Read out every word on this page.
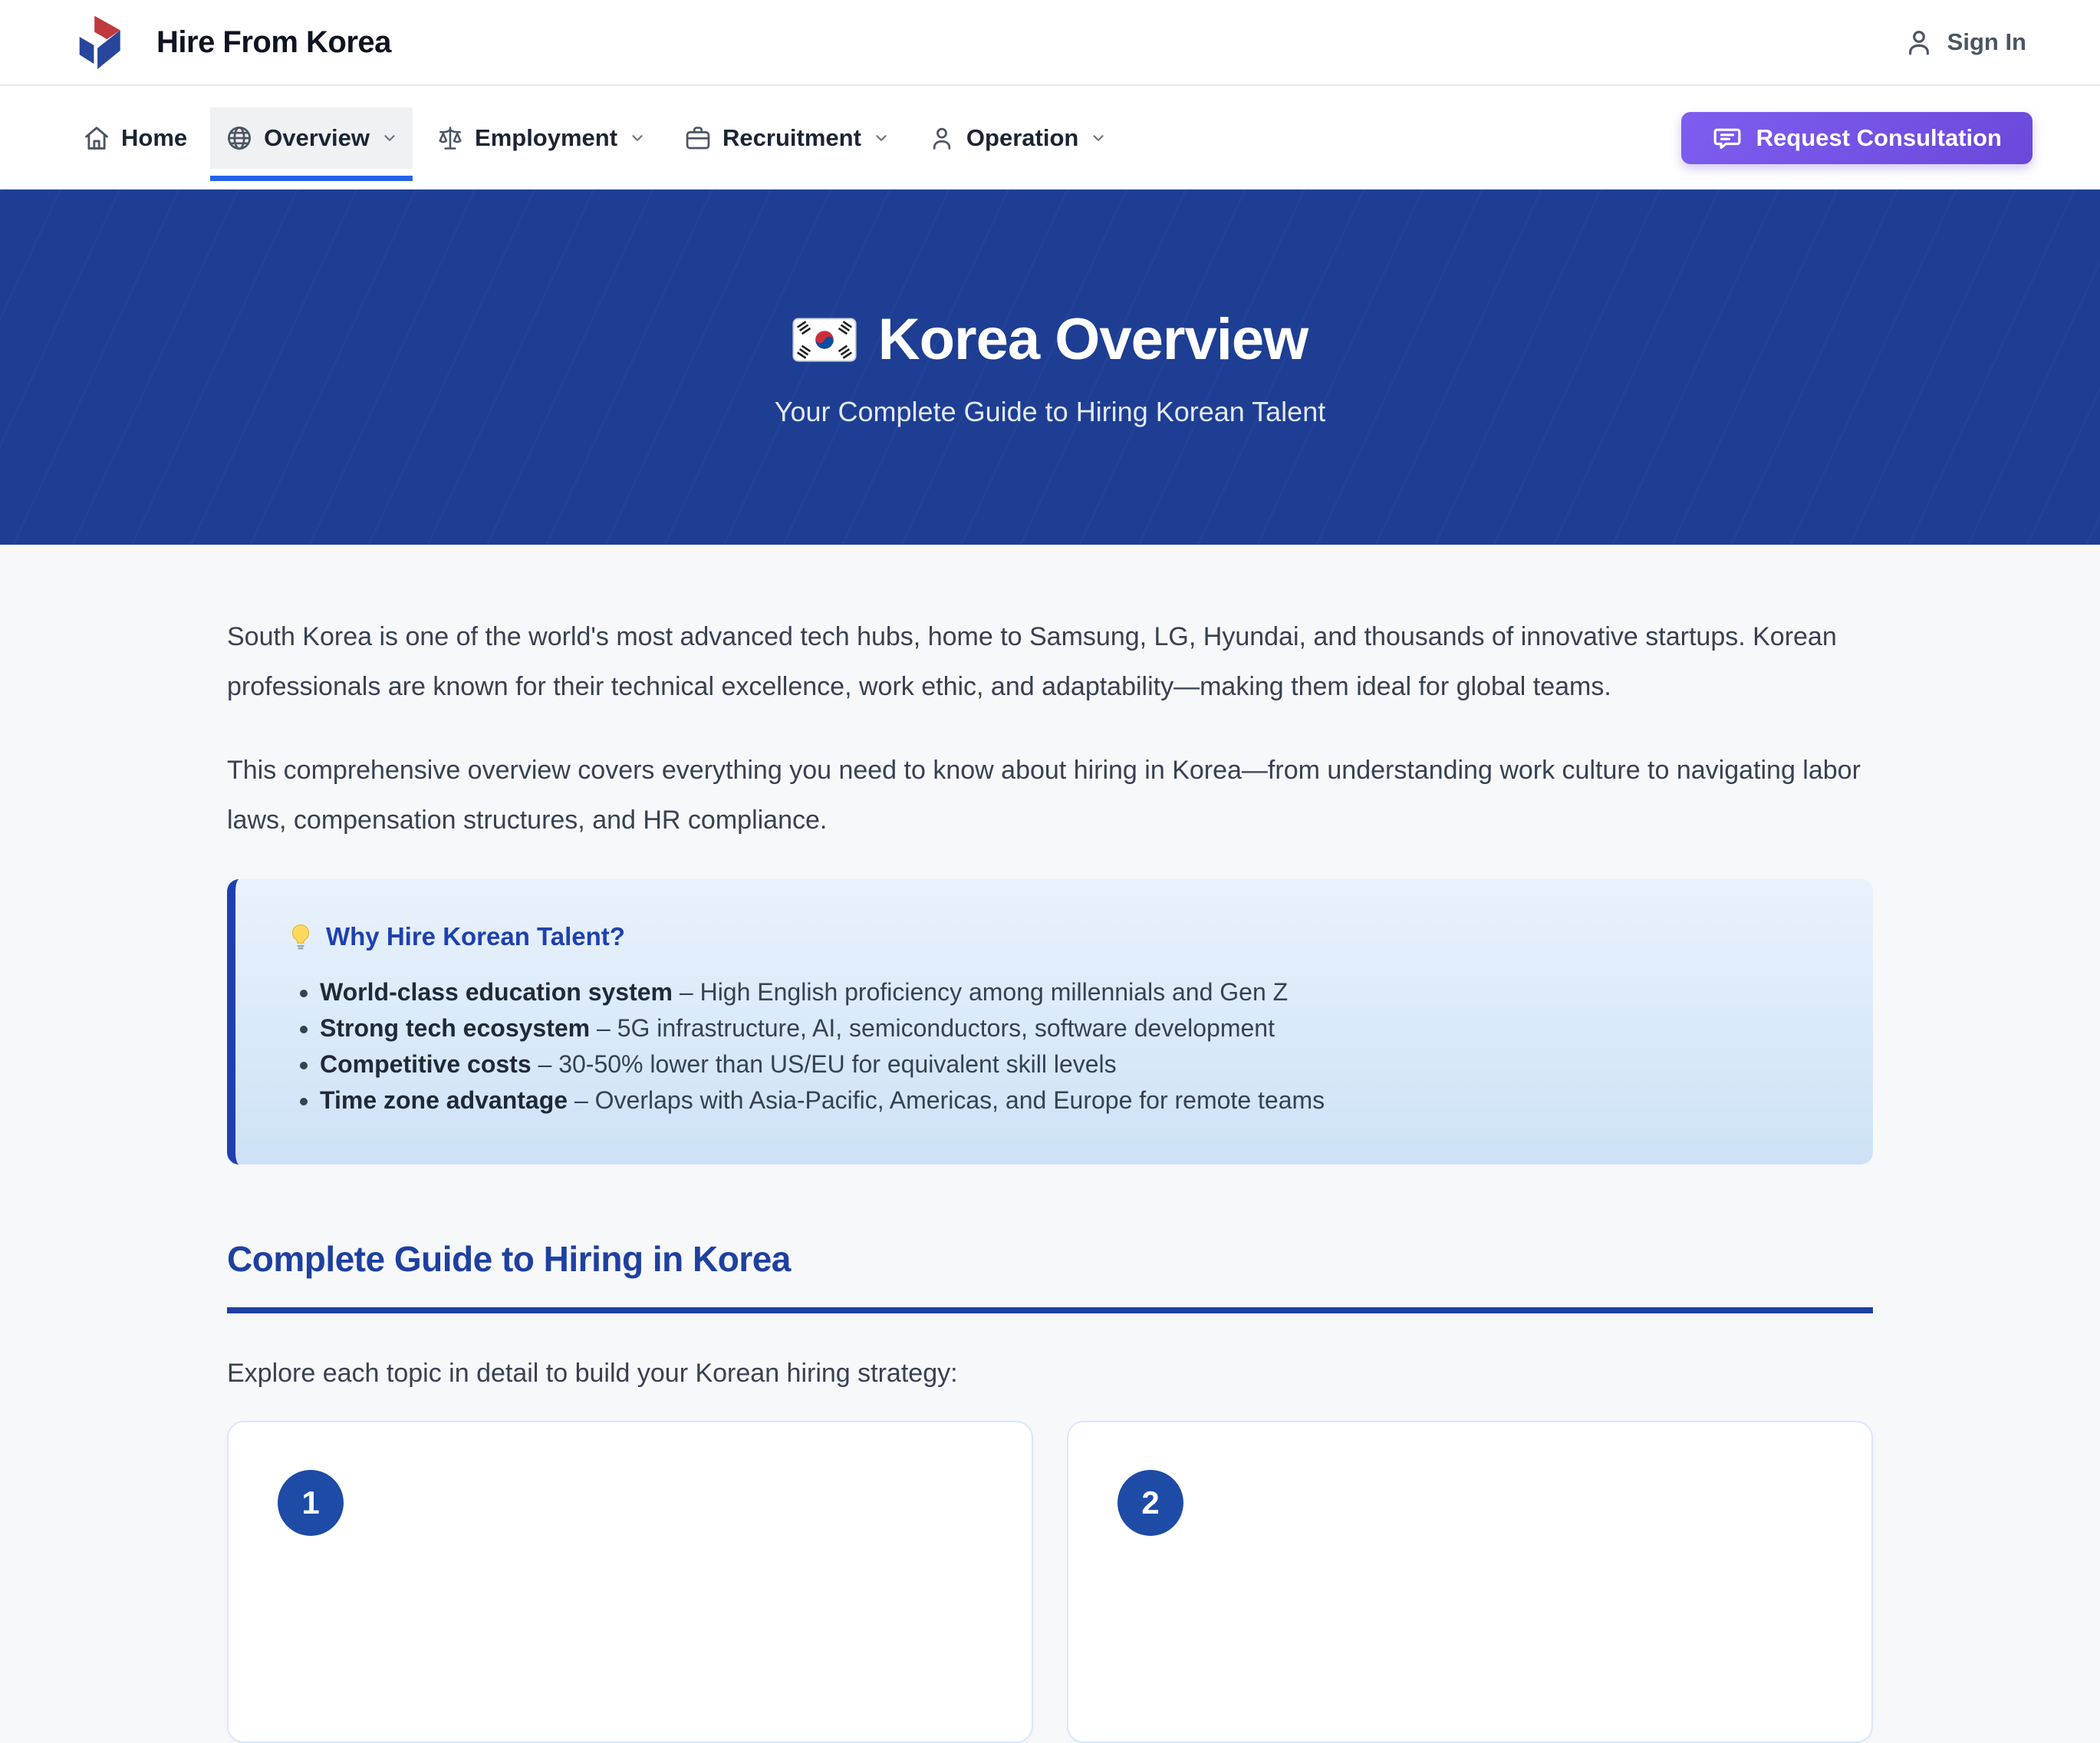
Hire From Korea	Sign In
Home	Overview	Employment	Recruitment	Operation	Request Consultation
Korea Overview

Your Complete Guide to Hiring Korean Talent

South Korea is one of the world's most advanced tech hubs, home to Samsung, LG, Hyundai, and thousands of innovative startups. Korean professionals are known for their technical excellence, work ethic, and adaptability—making them ideal for global teams.

This comprehensive overview covers everything you need to know about hiring in Korea—from understanding work culture to navigating labor laws, compensation structures, and HR compliance.

Why Hire Korean Talent?
• World-class education system – High English proficiency among millennials and Gen Z
• Strong tech ecosystem – 5G infrastructure, AI, semiconductors, software development
• Competitive costs – 30-50% lower than US/EU for equivalent skill levels
• Time zone advantage – Overlaps with Asia-Pacific, Americas, and Europe for remote teams
Complete Guide to Hiring in Korea

Explore each topic in detail to build your Korean hiring strategy:

1	2
